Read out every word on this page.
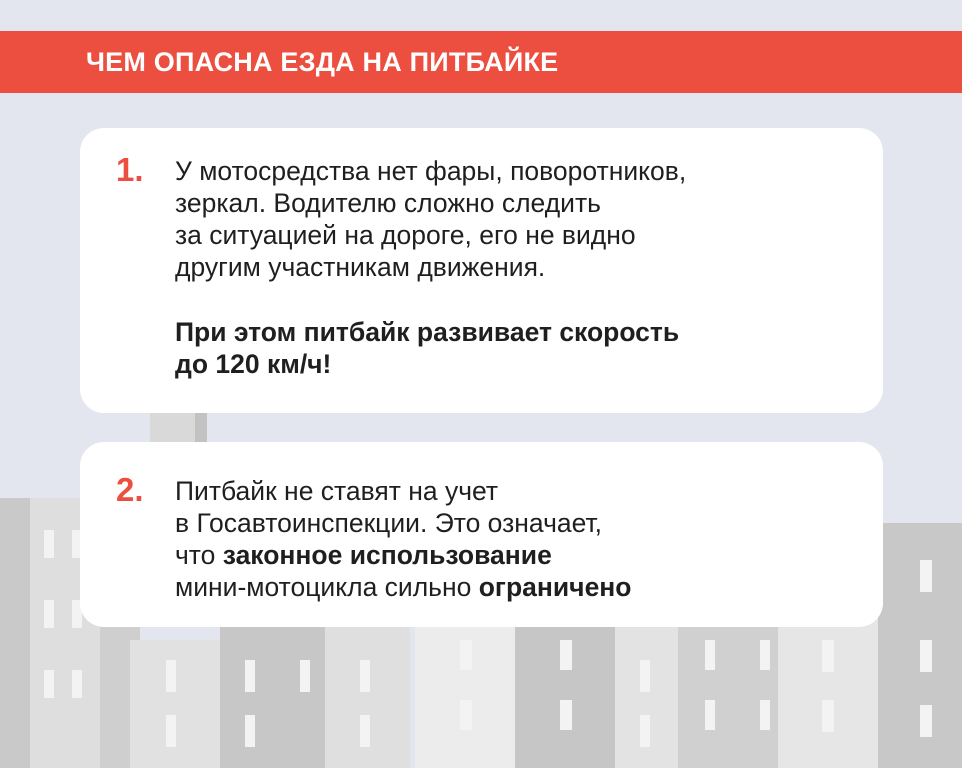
ЧЕМ ОПАСНА ЕЗДА НА ПИТБАЙКЕ
1. У мотосредства нет фары, поворотников,
зеркал. Водителю сложно следить
за ситуацией на дороге, его не видно
другим участникам движения.

При этом питбайк развивает скорость
до 120 км/ч!

2. Питбайк не ставят на учет
в Госавтоинспекции. Это означает,
что законное использование
мини-мотоцикла сильно ограничено
